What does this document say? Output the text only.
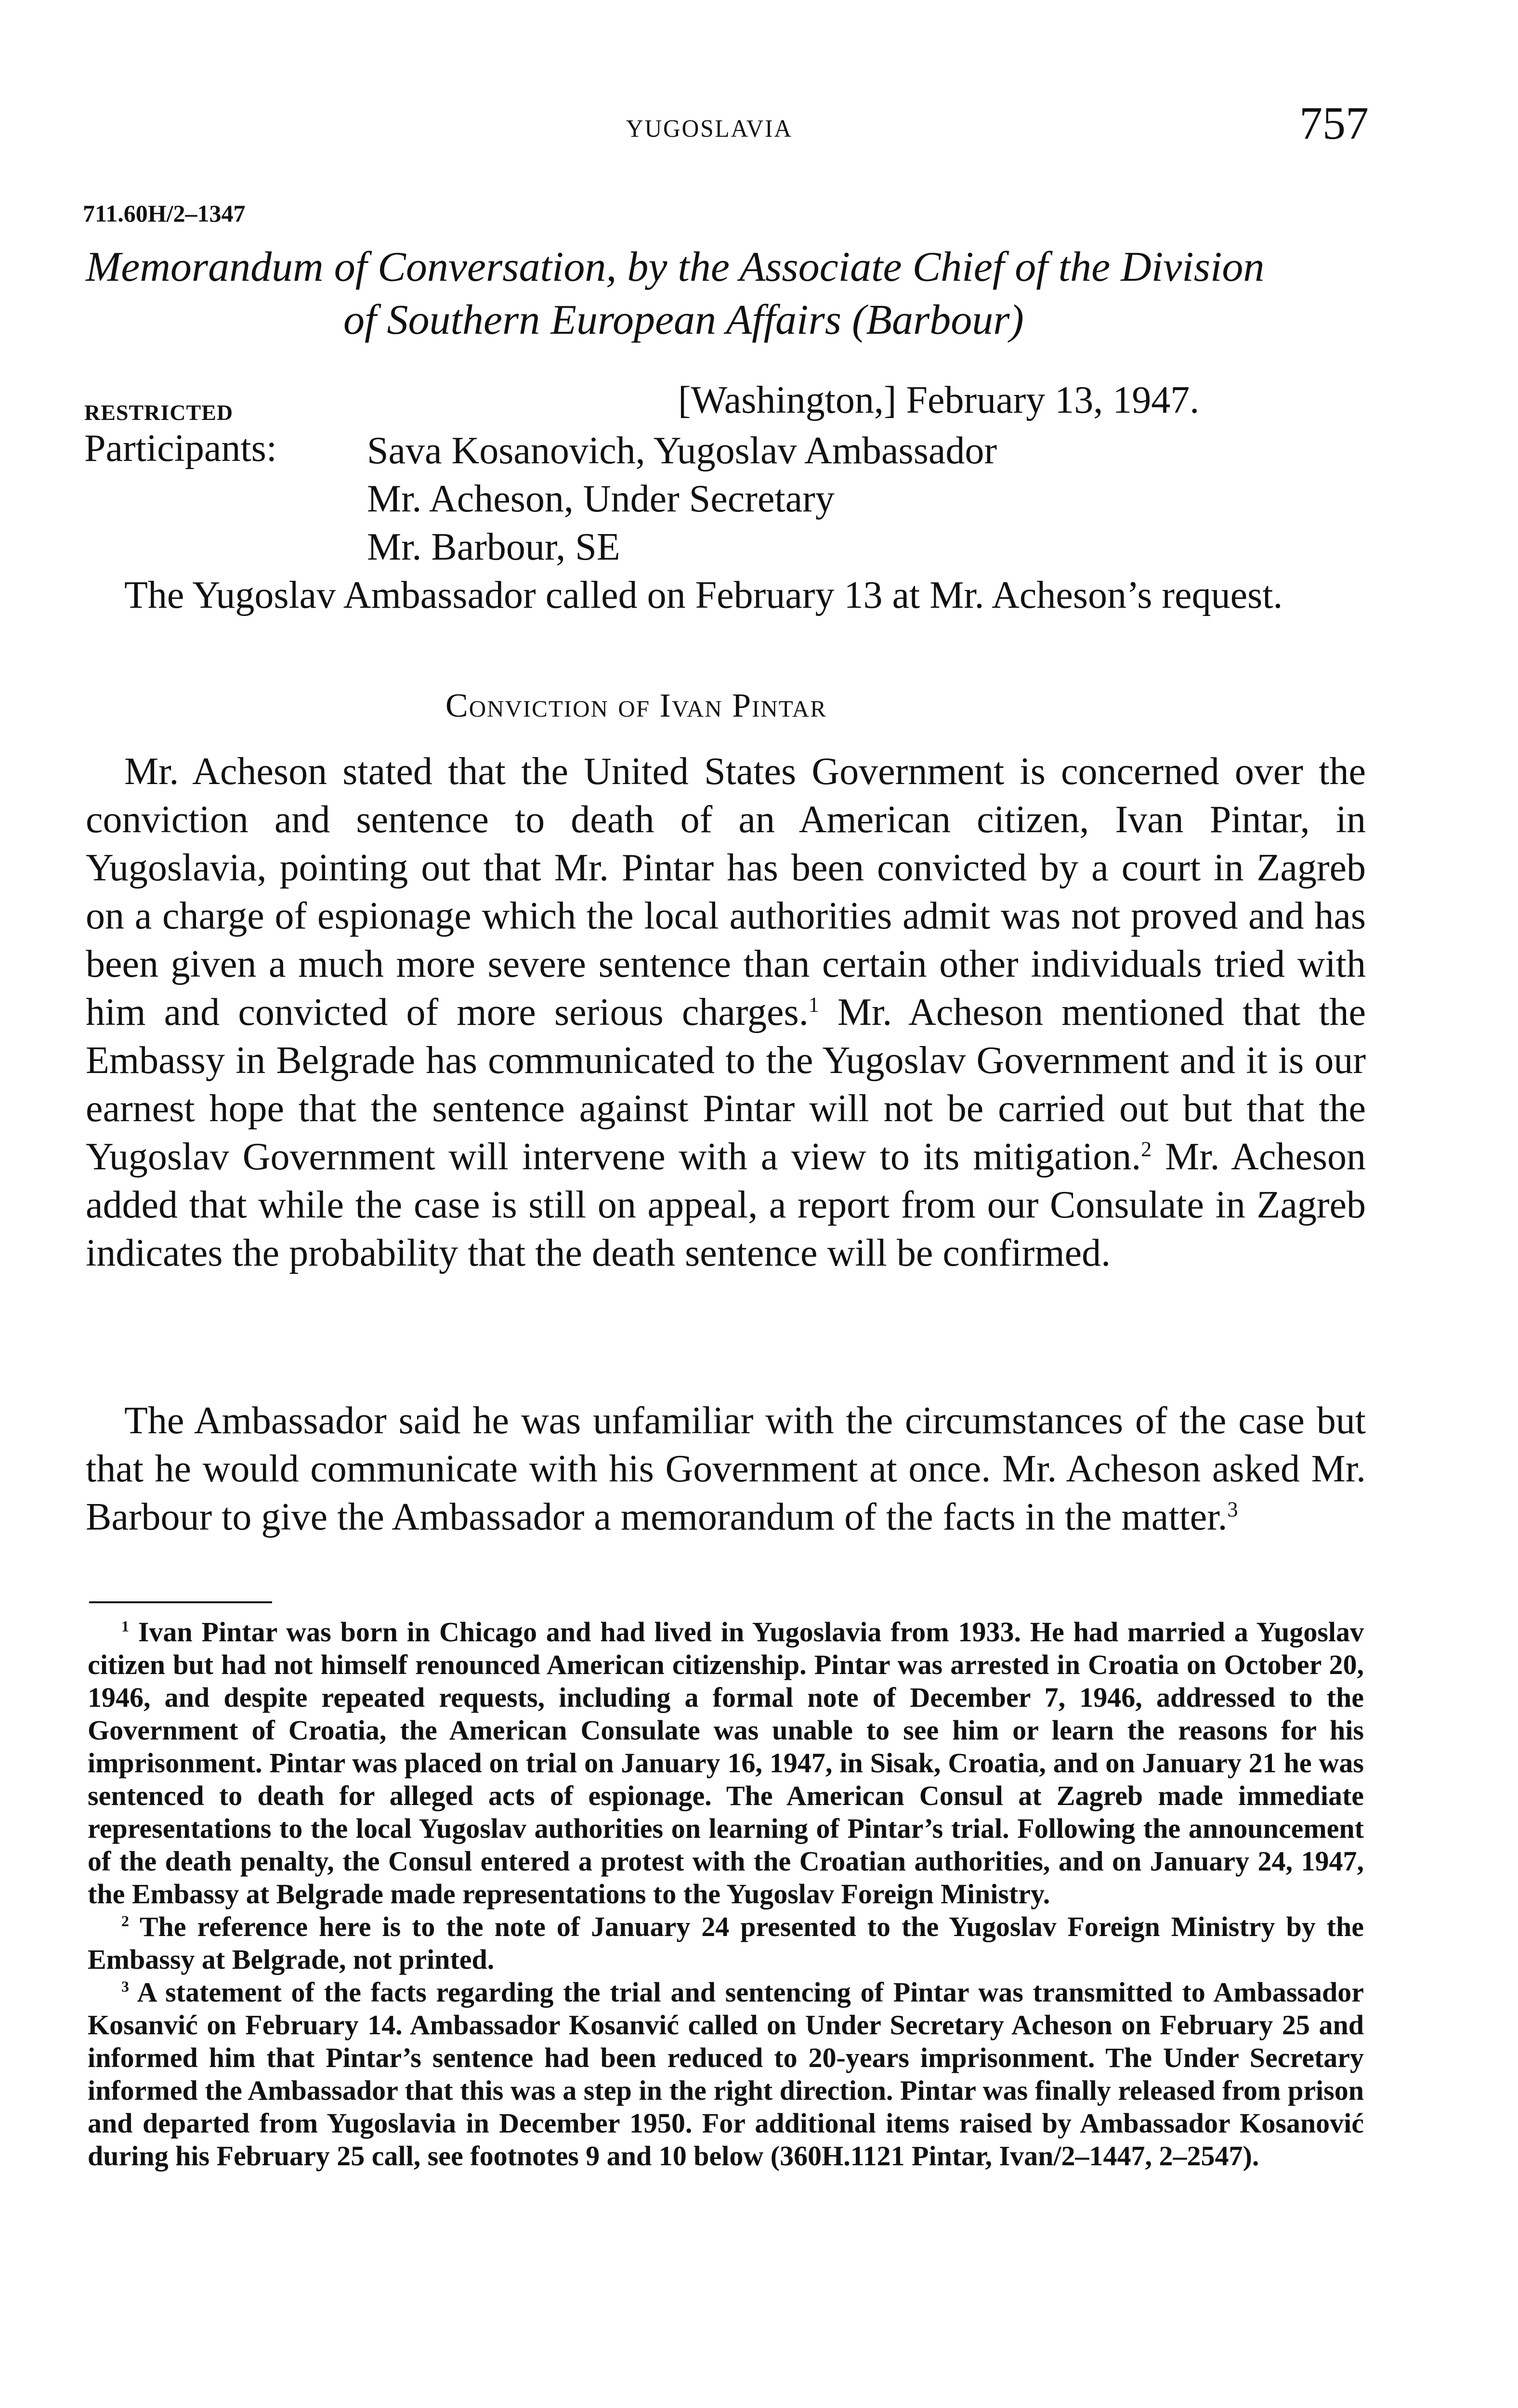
YUGOSLAVIA	757
711.60H/2–1347
Memorandum of Conversation, by the Associate Chief of the Division
of Southern European Affairs (Barbour)
RESTRICTED	[Washington,] February 13, 1947.
Participants: Sava Kosanovich, Yugoslav Ambassador
Mr. Acheson, Under Secretary
Mr. Barbour, SE
The Yugoslav Ambassador called on February 13 at Mr. Acheson’s request.
Conviction of Ivan Pintar
Mr. Acheson stated that the United States Government is concerned over the conviction and sentence to death of an American citizen, Ivan Pintar, in Yugoslavia, pointing out that Mr. Pintar has been convicted by a court in Zagreb on a charge of espionage which the local authorities admit was not proved and has been given a much more severe sentence than certain other individuals tried with him and convicted of more serious charges.$^1$ Mr. Acheson mentioned that the Embassy in Belgrade has communicated to the Yugoslav Government and it is our earnest hope that the sentence against Pintar will not be carried out but that the Yugoslav Government will intervene with a view to its mitigation.$^2$ Mr. Acheson added that while the case is still on appeal, a report from our Consulate in Zagreb indicates the probability that the death sentence will be confirmed.
The Ambassador said he was unfamiliar with the circumstances of the case but that he would communicate with his Government at once. Mr. Acheson asked Mr. Barbour to give the Ambassador a memorandum of the facts in the matter.$^3$

$^1$ Ivan Pintar was born in Chicago and had lived in Yugoslavia from 1933. He had married a Yugoslav citizen but had not himself renounced American citizenship. Pintar was arrested in Croatia on October 20, 1946, and despite repeated requests, including a formal note of December 7, 1946, addressed to the Government of Croatia, the American Consulate was unable to see him or learn the reasons for his imprisonment. Pintar was placed on trial on January 16, 1947, in Sisak, Croatia, and on January 21 he was sentenced to death for alleged acts of espionage. The American Consul at Zagreb made immediate representations to the local Yugoslav authorities on learning of Pintar’s trial. Following the announcement of the death penalty, the Consul entered a protest with the Croatian authorities, and on January 24, 1947, the Embassy at Belgrade made representations to the Yugoslav Foreign Ministry.

$^2$ The reference here is to the note of January 24 presented to the Yugoslav Foreign Ministry by the Embassy at Belgrade, not printed.

$^3$ A statement of the facts regarding the trial and sentencing of Pintar was transmitted to Ambassador Kosanvić on February 14. Ambassador Kosanvić called on Under Secretary Acheson on February 25 and informed him that Pintar’s sentence had been reduced to 20-years imprisonment. The Under Secretary informed the Ambassador that this was a step in the right direction. Pintar was finally released from prison and departed from Yugoslavia in December 1950. For additional items raised by Ambassador Kosanović during his February 25 call, see footnotes 9 and 10 below (360H.1121 Pintar, Ivan/2–1447, 2–2547).
